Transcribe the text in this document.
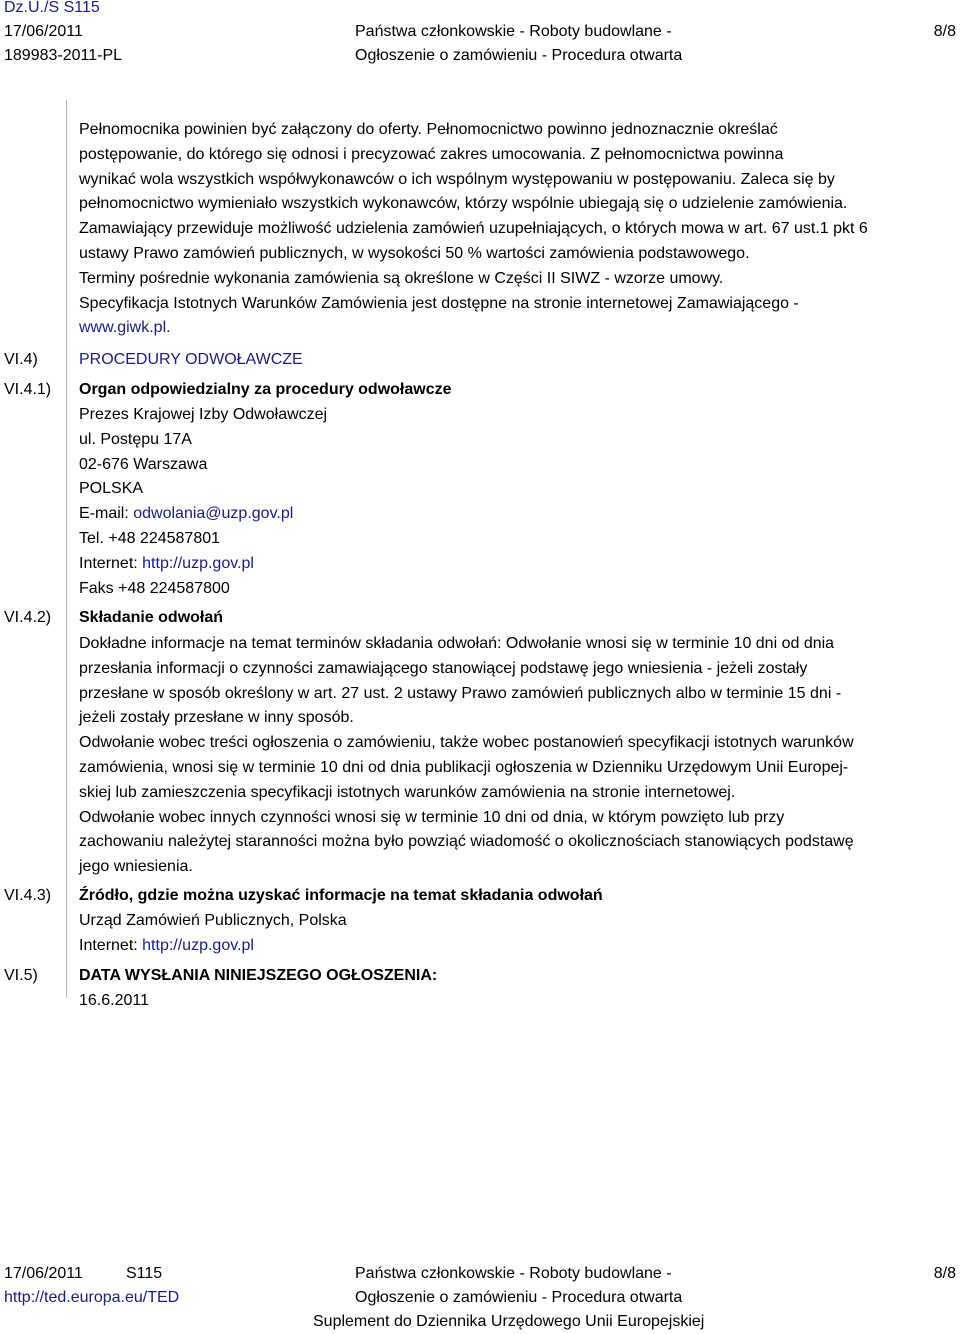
Dz.U./S S115
17/06/2011
189983-2011-PL
Państwa członkowskie - Roboty budowlane -
Ogłoszenie o zamówieniu - Procedura otwarta
8/8
Pełnomocnika powinien być załączony do oferty. Pełnomocnictwo powinno jednoznacznie określać
postępowanie, do którego się odnosi i precyzować zakres umocowania. Z pełnomocnictwa powinna
wynikać wola wszystkich współwykonawców o ich wspólnym występowaniu w postępowaniu. Zaleca się by
pełnomocnictwo wymieniało wszystkich wykonawców, którzy wspólnie ubiegają się o udzielenie zamówienia.
Zamawiający przewiduje możliwość udzielenia zamówień uzupełniających, o których mowa w art. 67 ust.1 pkt 6
ustawy Prawo zamówień publicznych, w wysokości 50 % wartości zamówienia podstawowego.
Terminy pośrednie wykonania zamówienia są określone w Części II SIWZ - wzorze umowy.
Specyfikacja Istotnych Warunków Zamówienia jest dostępne na stronie internetowej Zamawiającego -
www.giwk.pl.
VI.4)	PROCEDURY ODWOŁAWCZE
VI.4.1) Organ odpowiedzialny za procedury odwoławcze
Prezes Krajowej Izby Odwoławczej
ul. Postępu 17A
02-676 Warszawa
POLSKA
E-mail: odwolania@uzp.gov.pl
Tel. +48 224587801
Internet: http://uzp.gov.pl
Faks +48 224587800
VI.4.2) Składanie odwołań
Dokładne informacje na temat terminów składania odwołań: Odwołanie wnosi się w terminie 10 dni od dnia
przesłania informacji o czynności zamawiającego stanowiącej podstawę jego wniesienia - jeżeli zostały
przesłane w sposób określony w art. 27 ust. 2 ustawy Prawo zamówień publicznych albo w terminie 15 dni -
jeżeli zostały przesłane w inny sposób.
Odwołanie wobec treści ogłoszenia o zamówieniu, także wobec postanowień specyfikacji istotnych warunków
zamówienia, wnosi się w terminie 10 dni od dnia publikacji ogłoszenia w Dzienniku Urzędowym Unii Europej-
skiej lub zamieszczenia specyfikacji istotnych warunków zamówienia na stronie internetowej.
Odwołanie wobec innych czynności wnosi się w terminie 10 dni od dnia, w którym powzięto lub przy
zachowaniu należytej staranności można było powziąć wiadomość o okolicznościach stanowiących podstawę
jego wniesienia.
VI.4.3) Źródło, gdzie można uzyskać informacje na temat składania odwołań
Urząd Zamówień Publicznych, Polska
Internet: http://uzp.gov.pl
VI.5)	DATA WYSŁANIA NINIEJSZEGO OGŁOSZENIA:
16.6.2011
17/06/2011	S115
http://ted.europa.eu/TED
Państwa członkowskie - Roboty budowlane -
Ogłoszenie o zamówieniu - Procedura otwarta
Suplement do Dziennika Urzędowego Unii Europejskiej
8/8
